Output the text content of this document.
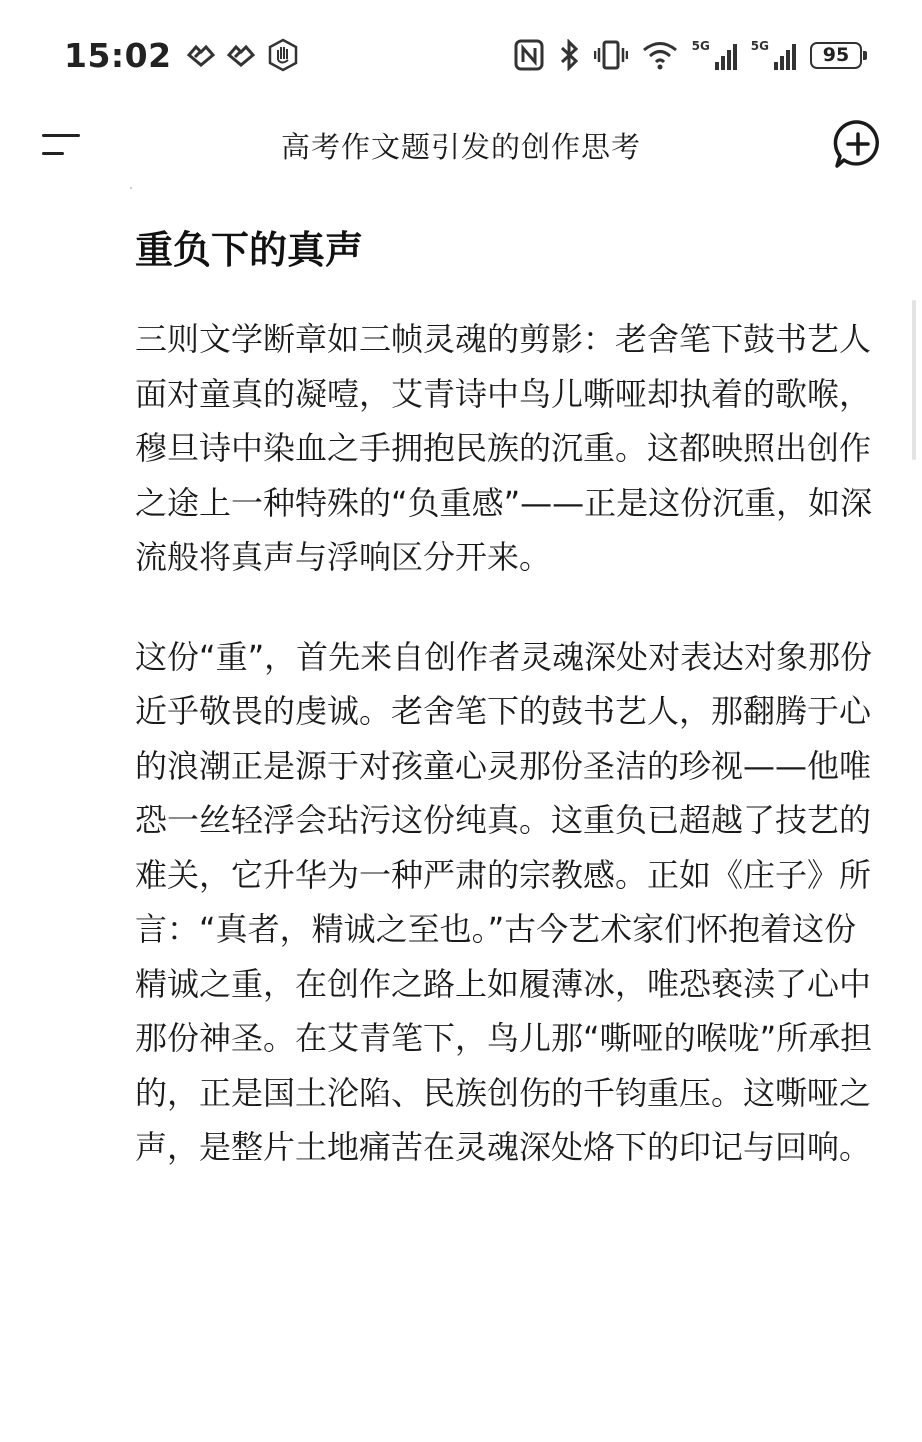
15:02	5G	5G	95
高考作文题引发的创作思考
重负下的真声

三则文学断章如三帧灵魂的剪影：老舍笔下鼓书艺人面对童真的凝噎，艾青诗中鸟儿嘶哑却执着的歌喉，穆旦诗中染血之手拥抱民族的沉重。这都映照出创作之途上一种特殊的“负重感”——正是这份沉重，如深流般将真声与浮响区分开来。

这份“重”，首先来自创作者灵魂深处对表达对象那份近乎敬畏的虔诚。老舍笔下的鼓书艺人，那翻腾于心的浪潮正是源于对孩童心灵那份圣洁的珍视——他唯恐一丝轻浮会玷污这份纯真。这重负已超越了技艺的难关，它升华为一种严肃的宗教感。正如《庄子》所言：“真者，精诚之至也。”古今艺术家们怀抱着这份精诚之重，在创作之路上如履薄冰，唯恐亵渎了心中那份神圣。在艾青笔下，鸟儿那“嘶哑的喉咙”所承担的，正是国土沦陷、民族创伤的千钧重压。这嘶哑之声，是整片土地痛苦在灵魂深处烙下的印记与回响。
